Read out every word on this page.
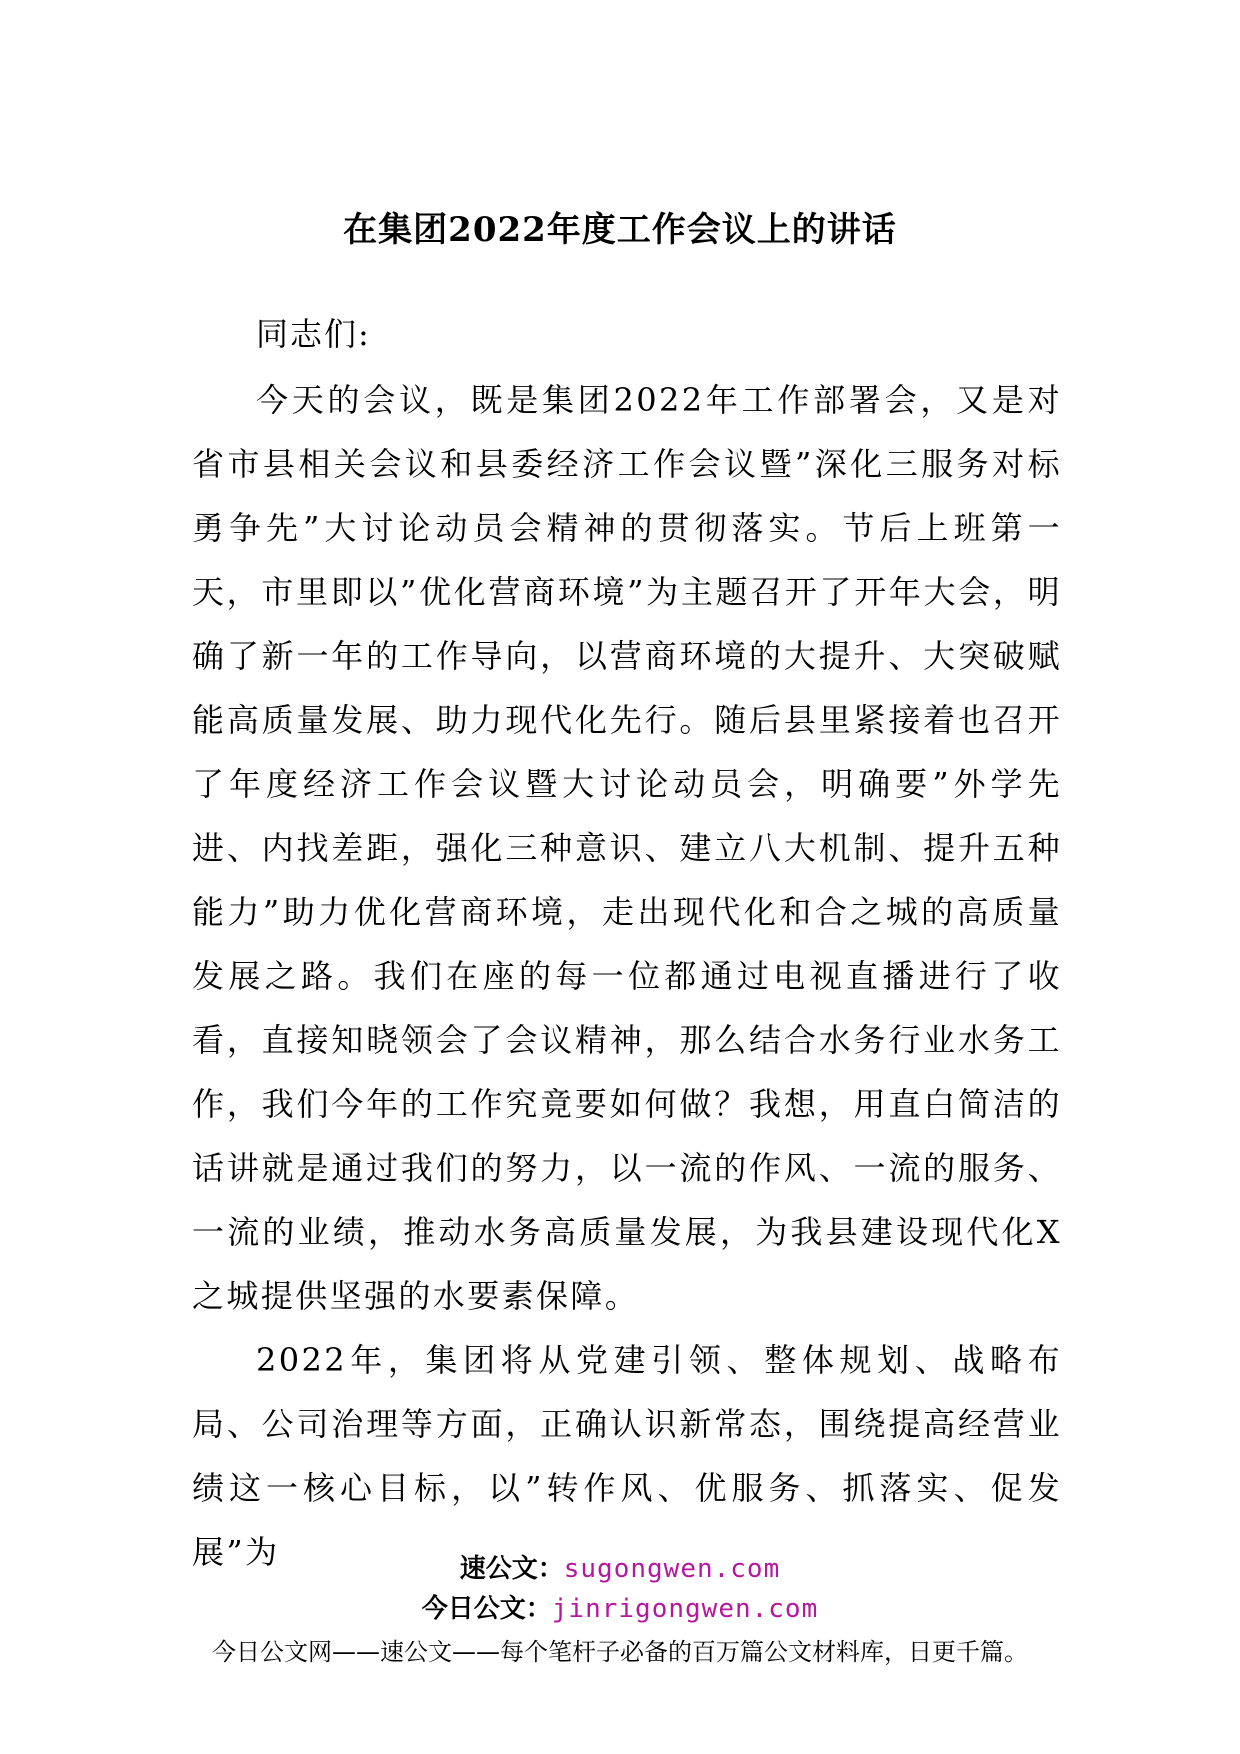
在集团2022年度工作会议上的讲话

同志们:

今天的会议，既是集团2022年工作部署会，又是对省市县相关会议和县委经济工作会议暨”深化三服务对标勇争先”大讨论动员会精神的贯彻落实。节后上班第一天，市里即以”优化营商环境”为主题召开了开年大会，明确了新一年的工作导向，以营商环境的大提升、大突破赋能高质量发展、助力现代化先行。随后县里紧接着也召开了年度经济工作会议暨大讨论动员会，明确要”外学先进、内找差距，强化三种意识、建立八大机制、提升五种能力”助力优化营商环境，走出现代化和合之城的高质量发展之路。我们在座的每一位都通过电视直播进行了收看，直接知晓领会了会议精神，那么结合水务行业水务工作，我们今年的工作究竟要如何做？我想，用直白简洁的话讲就是通过我们的努力，以一流的作风、一流的服务、一流的业绩，推动水务高质量发展，为我县建设现代化X之城提供坚强的水要素保障。

2022年，集团将从党建引领、整体规划、战略布局、公司治理等方面，正确认识新常态，围绕提高经营业绩这一核心目标，以”转作风、优服务、抓落实、促发展”为	速公文：sugongwen.com
今日公文：jinrigongwen.com
今日公文网——速公文——每个笔杆子必备的百万篇公文材料库，日更千篇。
